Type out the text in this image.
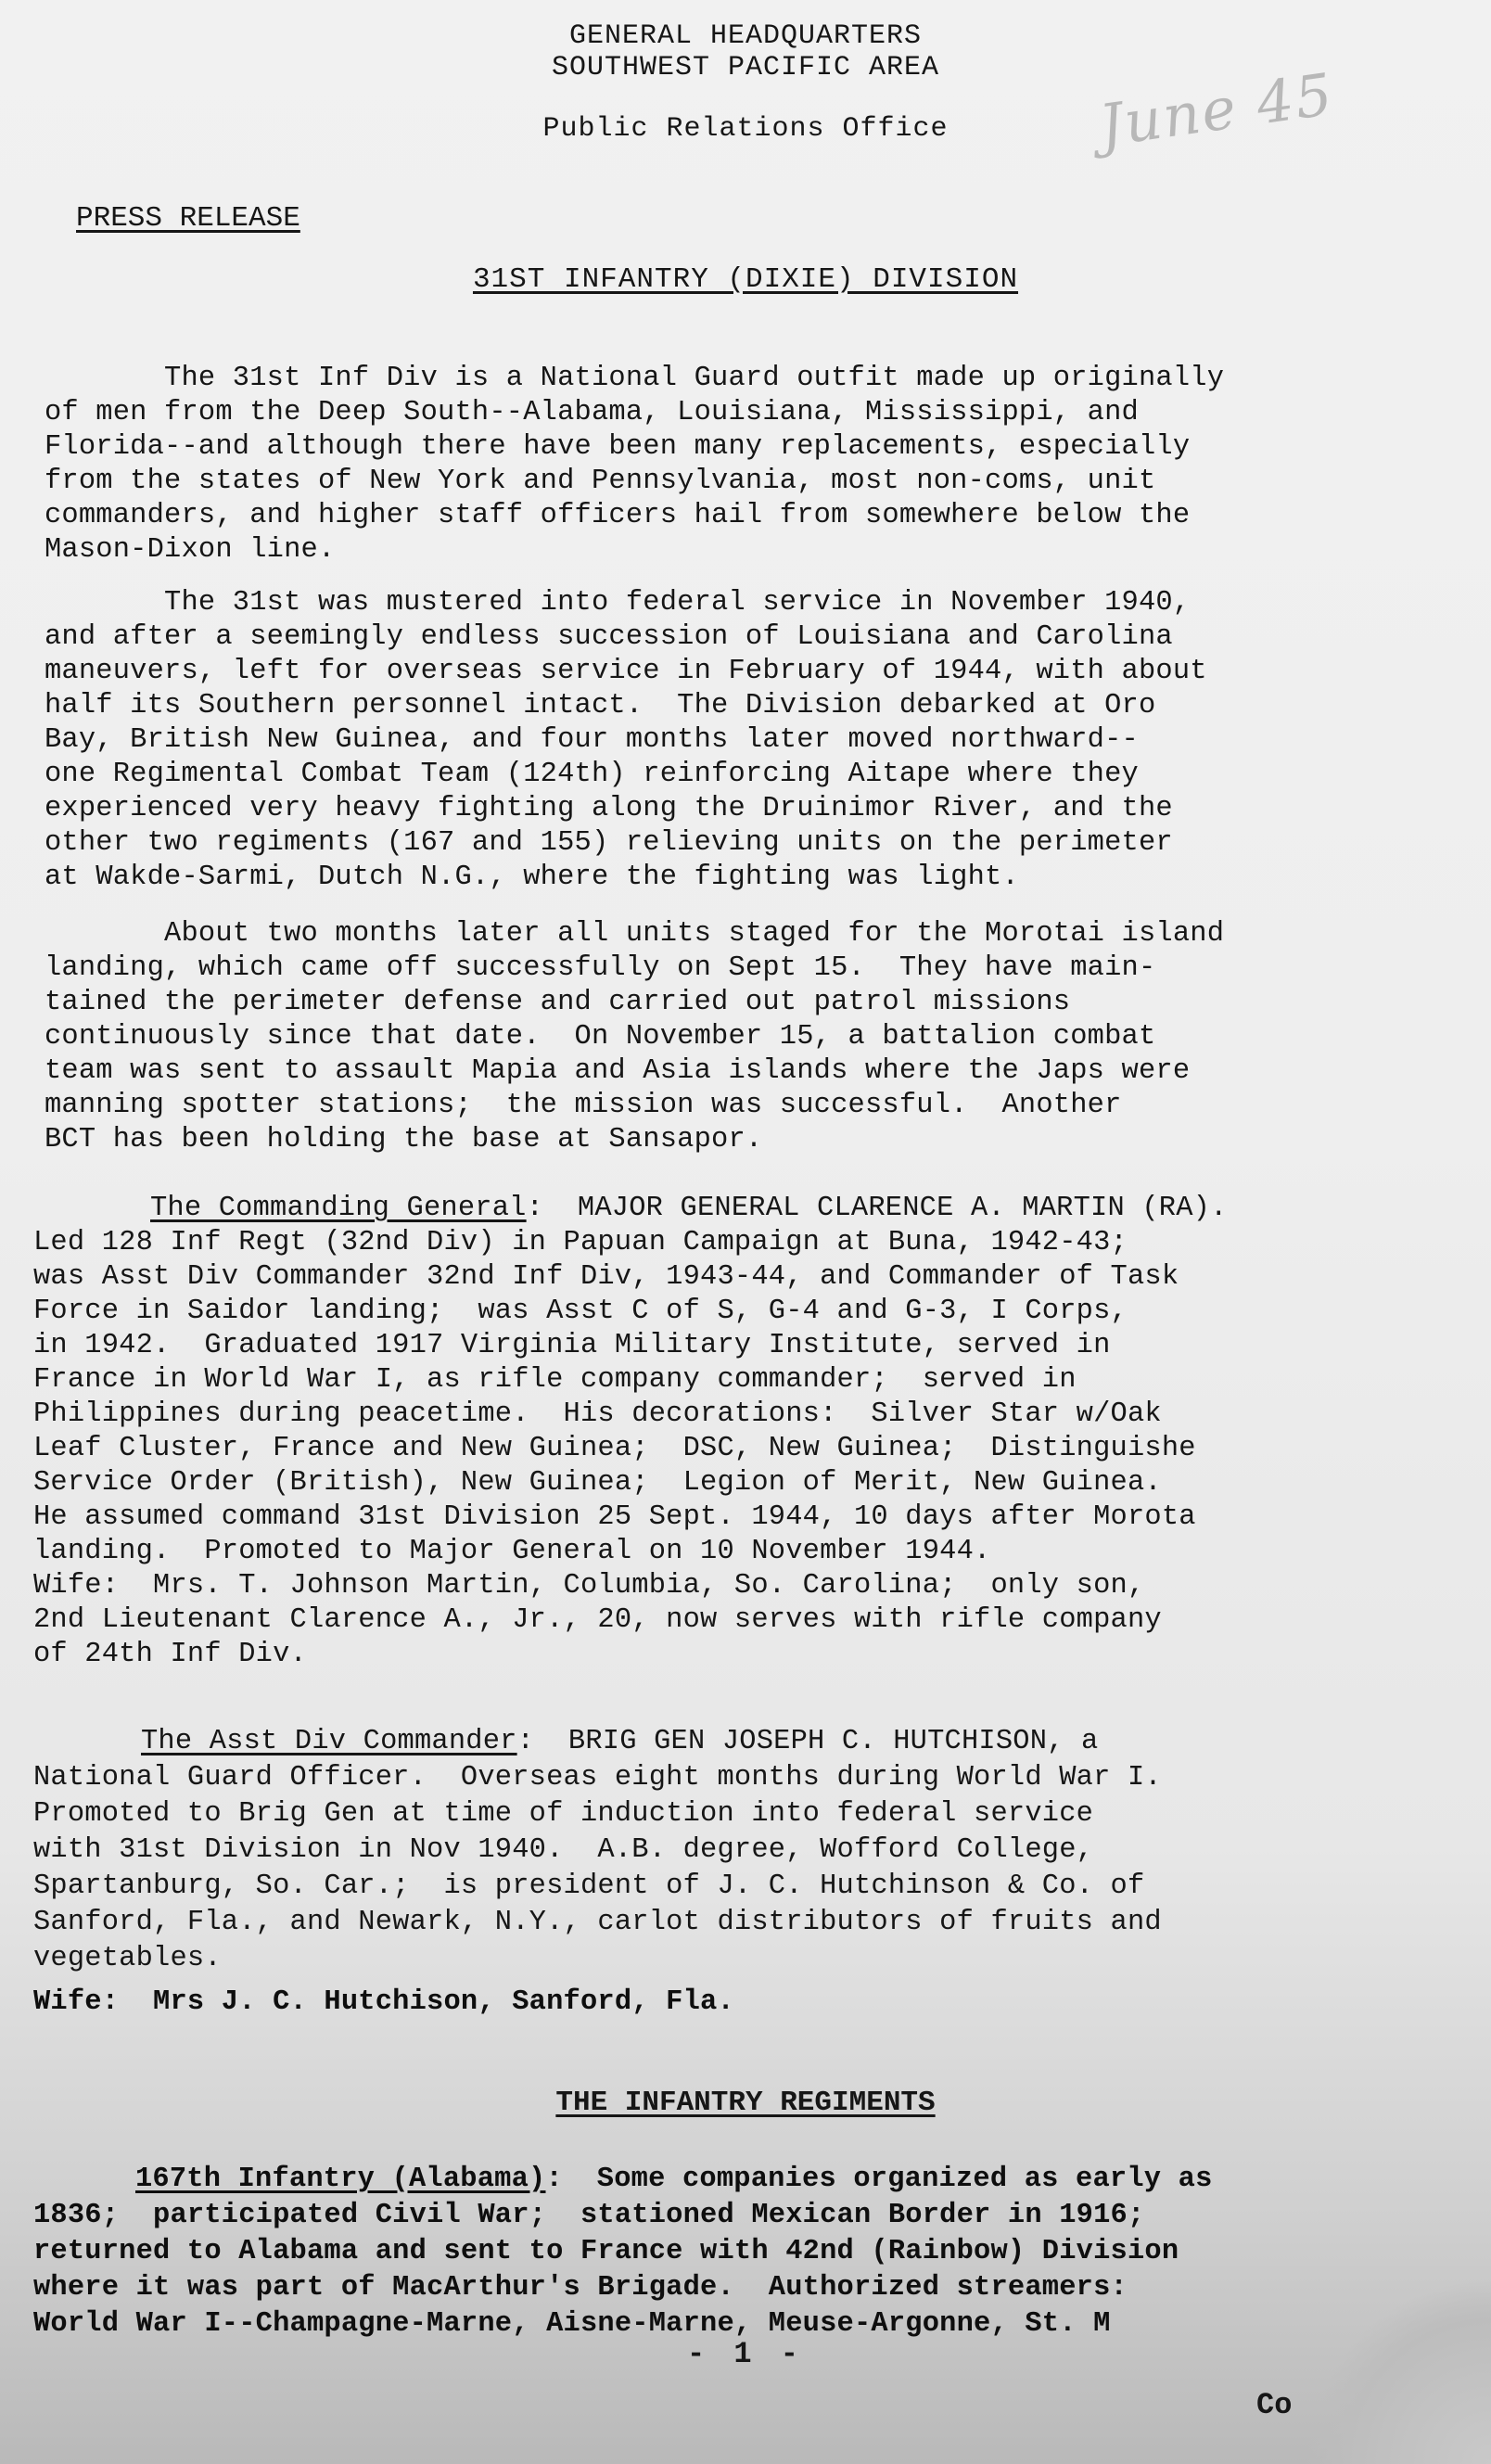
GENERAL HEADQUARTERS
SOUTHWEST PACIFIC AREA
Public Relations Office	June 45
PRESS RELEASE
31ST INFANTRY (DIXIE) DIVISION
The 31st Inf Div is a National Guard outfit made up originally
of men from the Deep South--Alabama, Louisiana, Mississippi, and
Florida--and although there have been many replacements, especially
from the states of New York and Pennsylvania, most non-coms, unit
commanders, and higher staff officers hail from somewhere below the
Mason-Dixon line.
The 31st was mustered into federal service in November 1940,
and after a seemingly endless succession of Louisiana and Carolina
maneuvers, left for overseas service in February of 1944, with about
half its Southern personnel intact.  The Division debarked at Oro
Bay, British New Guinea, and four months later moved northward--
one Regimental Combat Team (124th) reinforcing Aitape where they
experienced very heavy fighting along the Druinimor River, and the
other two regiments (167 and 155) relieving units on the perimeter
at Wakde-Sarmi, Dutch N.G., where the fighting was light.
About two months later all units staged for the Morotai island
landing, which came off successfully on Sept 15.  They have main-
tained the perimeter defense and carried out patrol missions
continuously since that date.  On November 15, a battalion combat
team was sent to assault Mapia and Asia islands where the Japs were
manning spotter stations;  the mission was successful.  Another
BCT has been holding the base at Sansapor.
The Commanding General:  MAJOR GENERAL CLARENCE A. MARTIN (RA).
Led 128 Inf Regt (32nd Div) in Papuan Campaign at Buna, 1942-43;
was Asst Div Commander 32nd Inf Div, 1943-44, and Commander of Task
Force in Saidor landing;  was Asst C of S, G-4 and G-3, I Corps,
in 1942.  Graduated 1917 Virginia Military Institute, served in
France in World War I, as rifle company commander;  served in
Philippines during peacetime.  His decorations:  Silver Star w/Oak
Leaf Cluster, France and New Guinea;  DSC, New Guinea;  Distinguishe
Service Order (British), New Guinea;  Legion of Merit, New Guinea.
He assumed command 31st Division 25 Sept. 1944, 10 days after Morota
landing.  Promoted to Major General on 10 November 1944.
Wife:  Mrs. T. Johnson Martin, Columbia, So. Carolina;  only son,
2nd Lieutenant Clarence A., Jr., 20, now serves with rifle company
of 24th Inf Div.
The Asst Div Commander:  BRIG GEN JOSEPH C. HUTCHISON, a
National Guard Officer.  Overseas eight months during World War I.
Promoted to Brig Gen at time of induction into federal service
with 31st Division in Nov 1940.  A.B. degree, Wofford College,
Spartanburg, So. Car.;  is president of J. C. Hutchinson & Co. of
Sanford, Fla., and Newark, N.Y., carlot distributors of fruits and
vegetables.
Wife:  Mrs J. C. Hutchison, Sanford, Fla.
THE INFANTRY REGIMENTS
167th Infantry (Alabama):  Some companies organized as early as
1836;  participated Civil War;  stationed Mexican Border in 1916;
returned to Alabama and sent to France with 42nd (Rainbow) Division
where it was part of MacArthur's Brigade.  Authorized streamers:
World War I--Champagne-Marne, Aisne-Marne, Meuse-Argonne, St. M
- 1 -
Co
